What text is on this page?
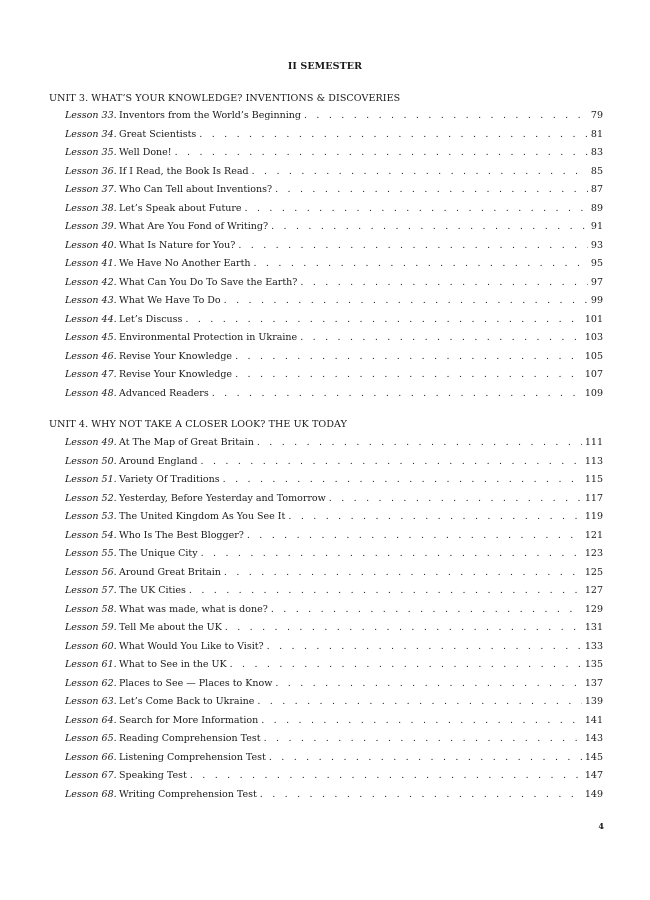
II SEMESTER
UNIT 3. WHAT’S YOUR KNOWLEDGE? INVENTIONS & DISCOVERIES
Lesson 33. Inventors from the World’s Beginning . . .	79
Lesson 34. Great Scientists . . .	81
Lesson 35. Well Done! . . .	83
Lesson 36. If I Read, the Book Is Read . . .	85
Lesson 37. Who Can Tell about Inventions? . . .	87
Lesson 38. Let’s Speak about Future . . .	89
Lesson 39. What Are You Fond of Writing? . . .	91
Lesson 40. What Is Nature for You? . . .	93
Lesson 41. We Have No Another Earth . . .	95
Lesson 42. What Can You Do To Save the Earth? . . .	97
Lesson 43. What We Have To Do . . .	99
Lesson 44. Let’s Discuss . . .	101
Lesson 45. Environmental Protection in Ukraine . . .	103
Lesson 46. Revise Your Knowledge . . .	105
Lesson 47. Revise Your Knowledge . . .	107
Lesson 48. Advanced Readers . . .	109
UNIT 4. WHY NOT TAKE A CLOSER LOOK? THE UK TODAY
Lesson 49. At The Map of Great Britain . . .	111
Lesson 50. Around England . . .	113
Lesson 51. Variety Of Traditions . . .	115
Lesson 52. Yesterday, Before Yesterday and Tomorrow . . .	117
Lesson 53. The United Kingdom As You See It . . .	119
Lesson 54. Who Is The Best Blogger? . . .	121
Lesson 55. The Unique City . . .	123
Lesson 56. Around Great Britain . . .	125
Lesson 57. The UK Cities . . .	127
Lesson 58. What was made, what is done? . . .	129
Lesson 59. Tell Me about the UK . . .	131
Lesson 60. What Would You Like to Visit? . . .	133
Lesson 61. What to See in the UK . . .	135
Lesson 62. Places to See — Places to Know . . .	137
Lesson 63. Let’s Come Back to Ukraine . . .	139
Lesson 64. Search for More Information . . .	141
Lesson 65. Reading Comprehension Test . . .	143
Lesson 66. Listening Comprehension Test . . .	145
Lesson 67. Speaking Test . . .	147
Lesson 68. Writing Comprehension Test . . .	149
4
